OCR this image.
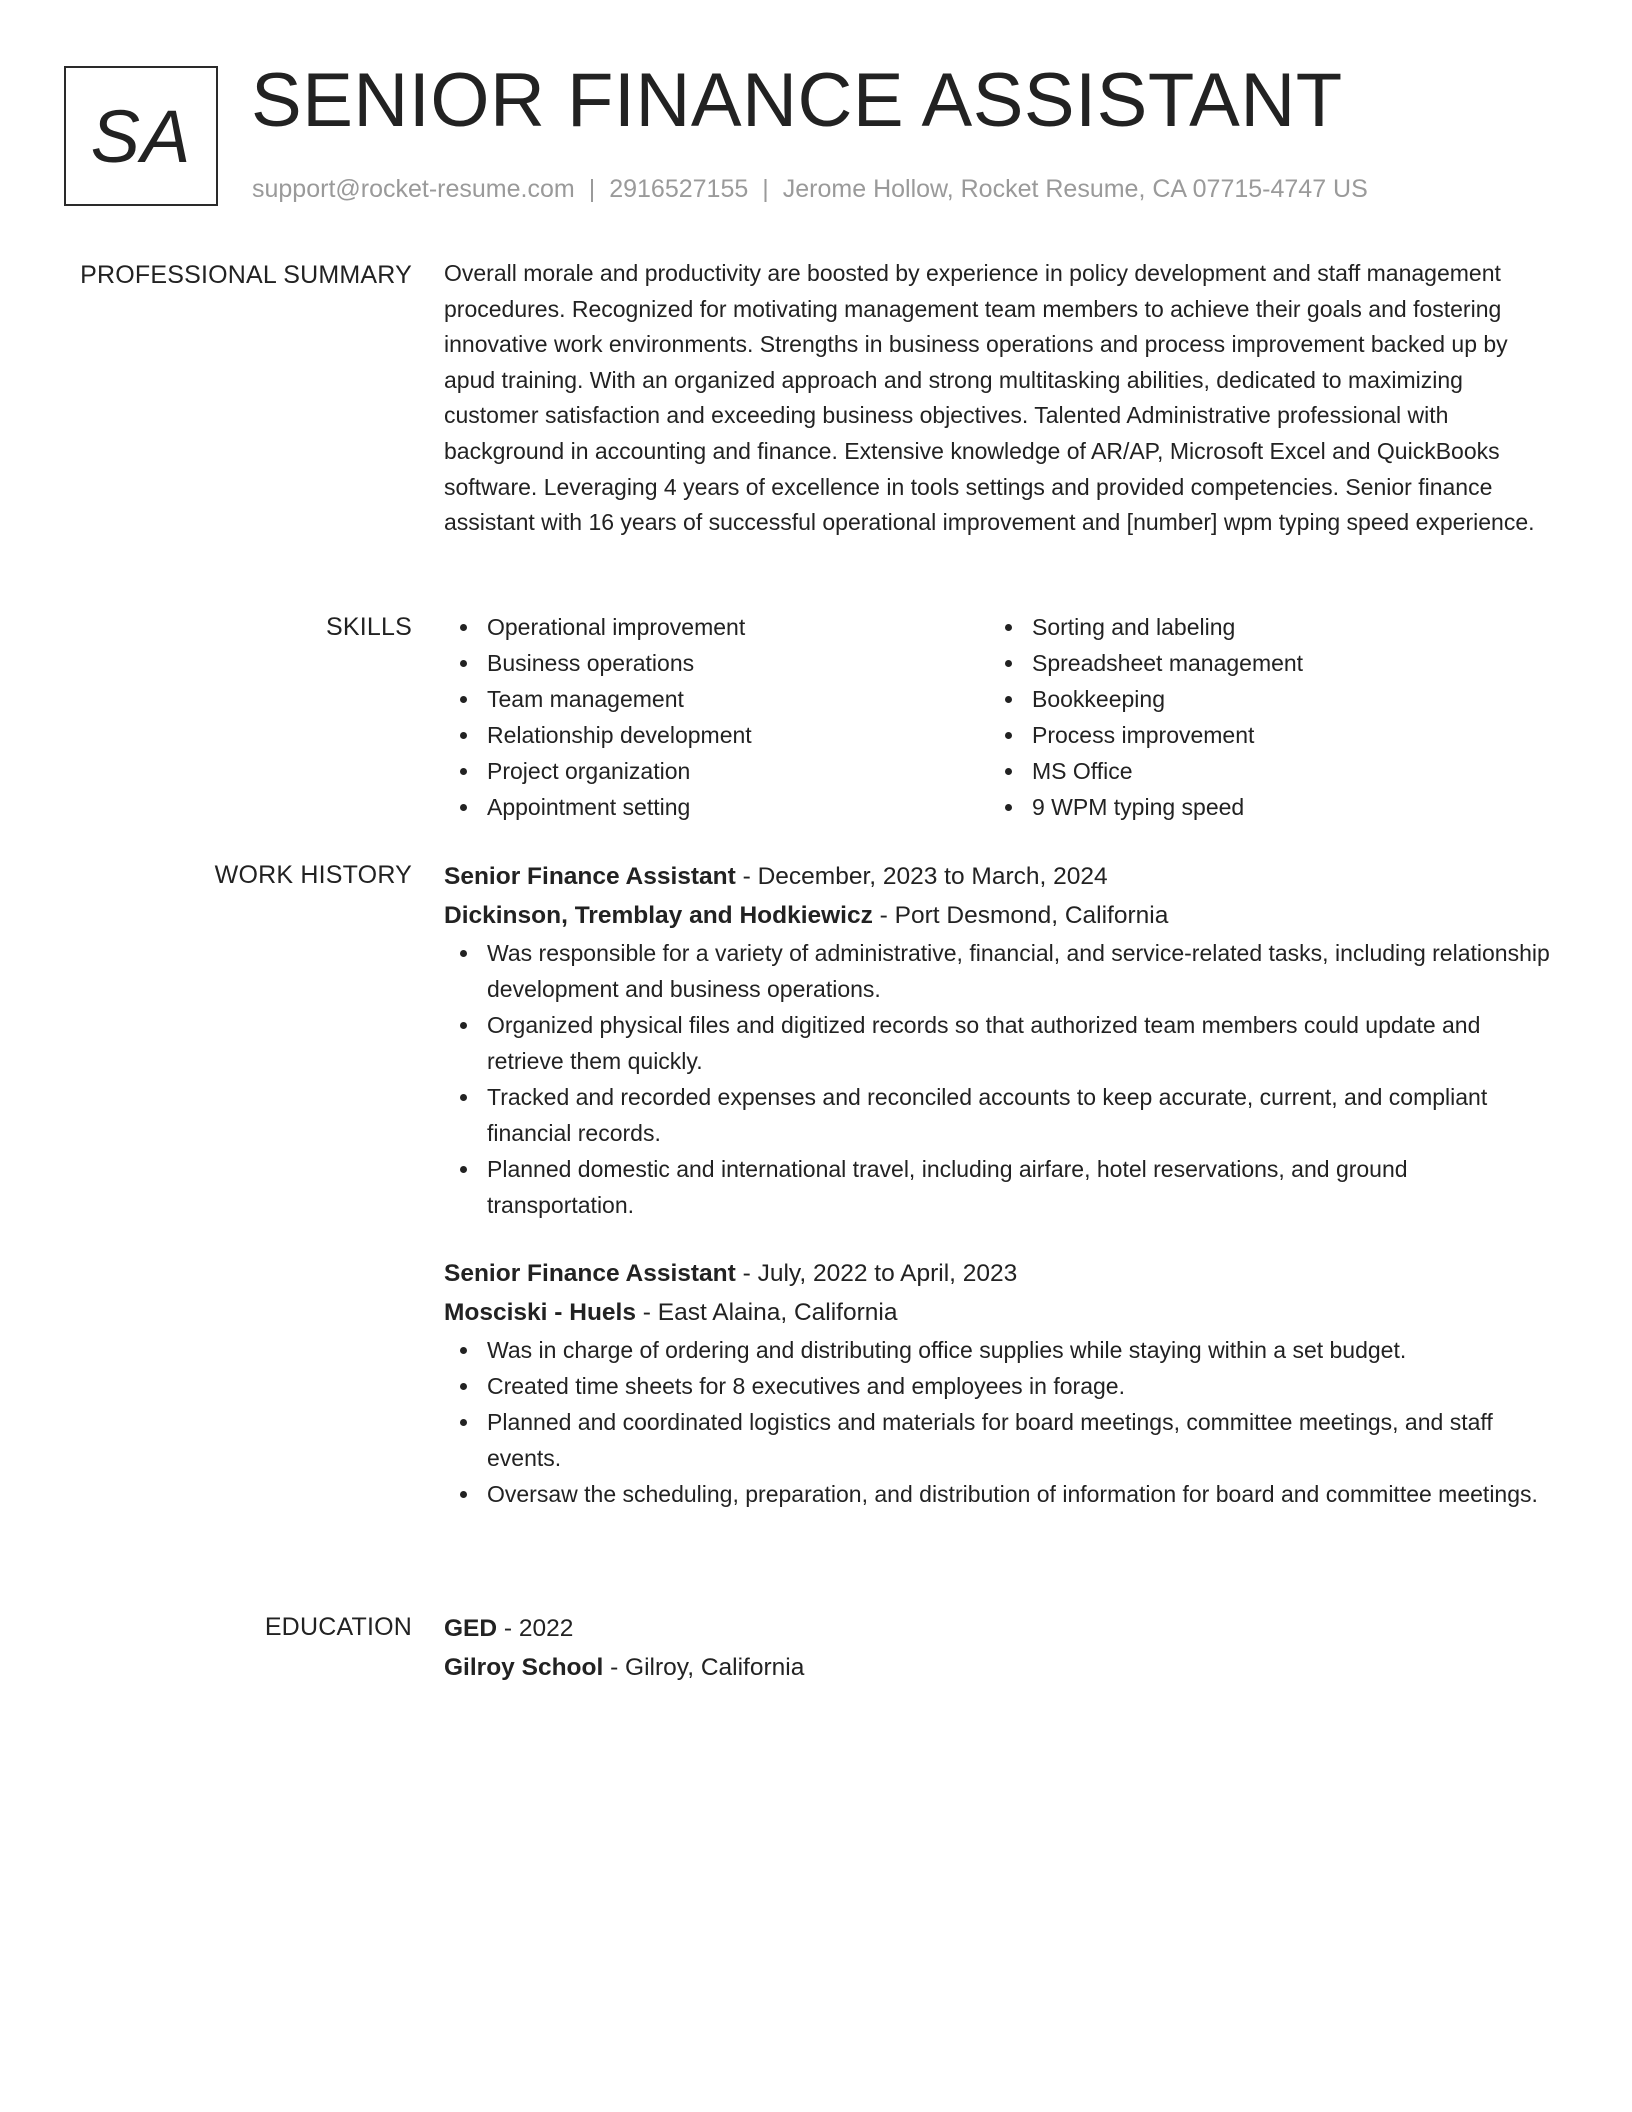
SA SENIOR FINANCE ASSISTANT
support@rocket-resume.com | 2916527155 | Jerome Hollow, Rocket Resume, CA 07715-4747 US
PROFESSIONAL SUMMARY Overall morale and productivity are boosted by experience in policy development and staff management procedures. Recognized for motivating management team members to achieve their goals and fostering innovative work environments. Strengths in business operations and process improvement backed up by apud training. With an organized approach and strong multitasking abilities, dedicated to maximizing customer satisfaction and exceeding business objectives. Talented Administrative professional with background in accounting and finance. Extensive knowledge of AR/AP, Microsoft Excel and QuickBooks software. Leveraging 4 years of excellence in tools settings and provided competencies. Senior finance assistant with 16 years of successful operational improvement and [number] wpm typing speed experience.

SKILLS	Operational improvement
Business operations
Team management
Relationship development
Project organization
Appointment setting
Sorting and labeling
Spreadsheet management
Bookkeeping
Process improvement
MS Office
9 WPM typing speed
WORK HISTORY Senior Finance Assistant - December, 2023 to March, 2024
Dickinson, Tremblay and Hodkiewicz - Port Desmond, California
Was responsible for a variety of administrative, financial, and service-related tasks, including relationship development and business operations.
Organized physical files and digitized records so that authorized team members could update and retrieve them quickly.
Tracked and recorded expenses and reconciled accounts to keep accurate, current, and compliant financial records.
Planned domestic and international travel, including airfare, hotel reservations, and ground transportation.
Senior Finance Assistant - July, 2022 to April, 2023
Mosciski - Huels - East Alaina, California
Was in charge of ordering and distributing office supplies while staying within a set budget.
Created time sheets for 8 executives and employees in forage.
Planned and coordinated logistics and materials for board meetings, committee meetings, and staff events.
Oversaw the scheduling, preparation, and distribution of information for board and committee meetings.
EDUCATION GED - 2022
Gilroy School - Gilroy, California
